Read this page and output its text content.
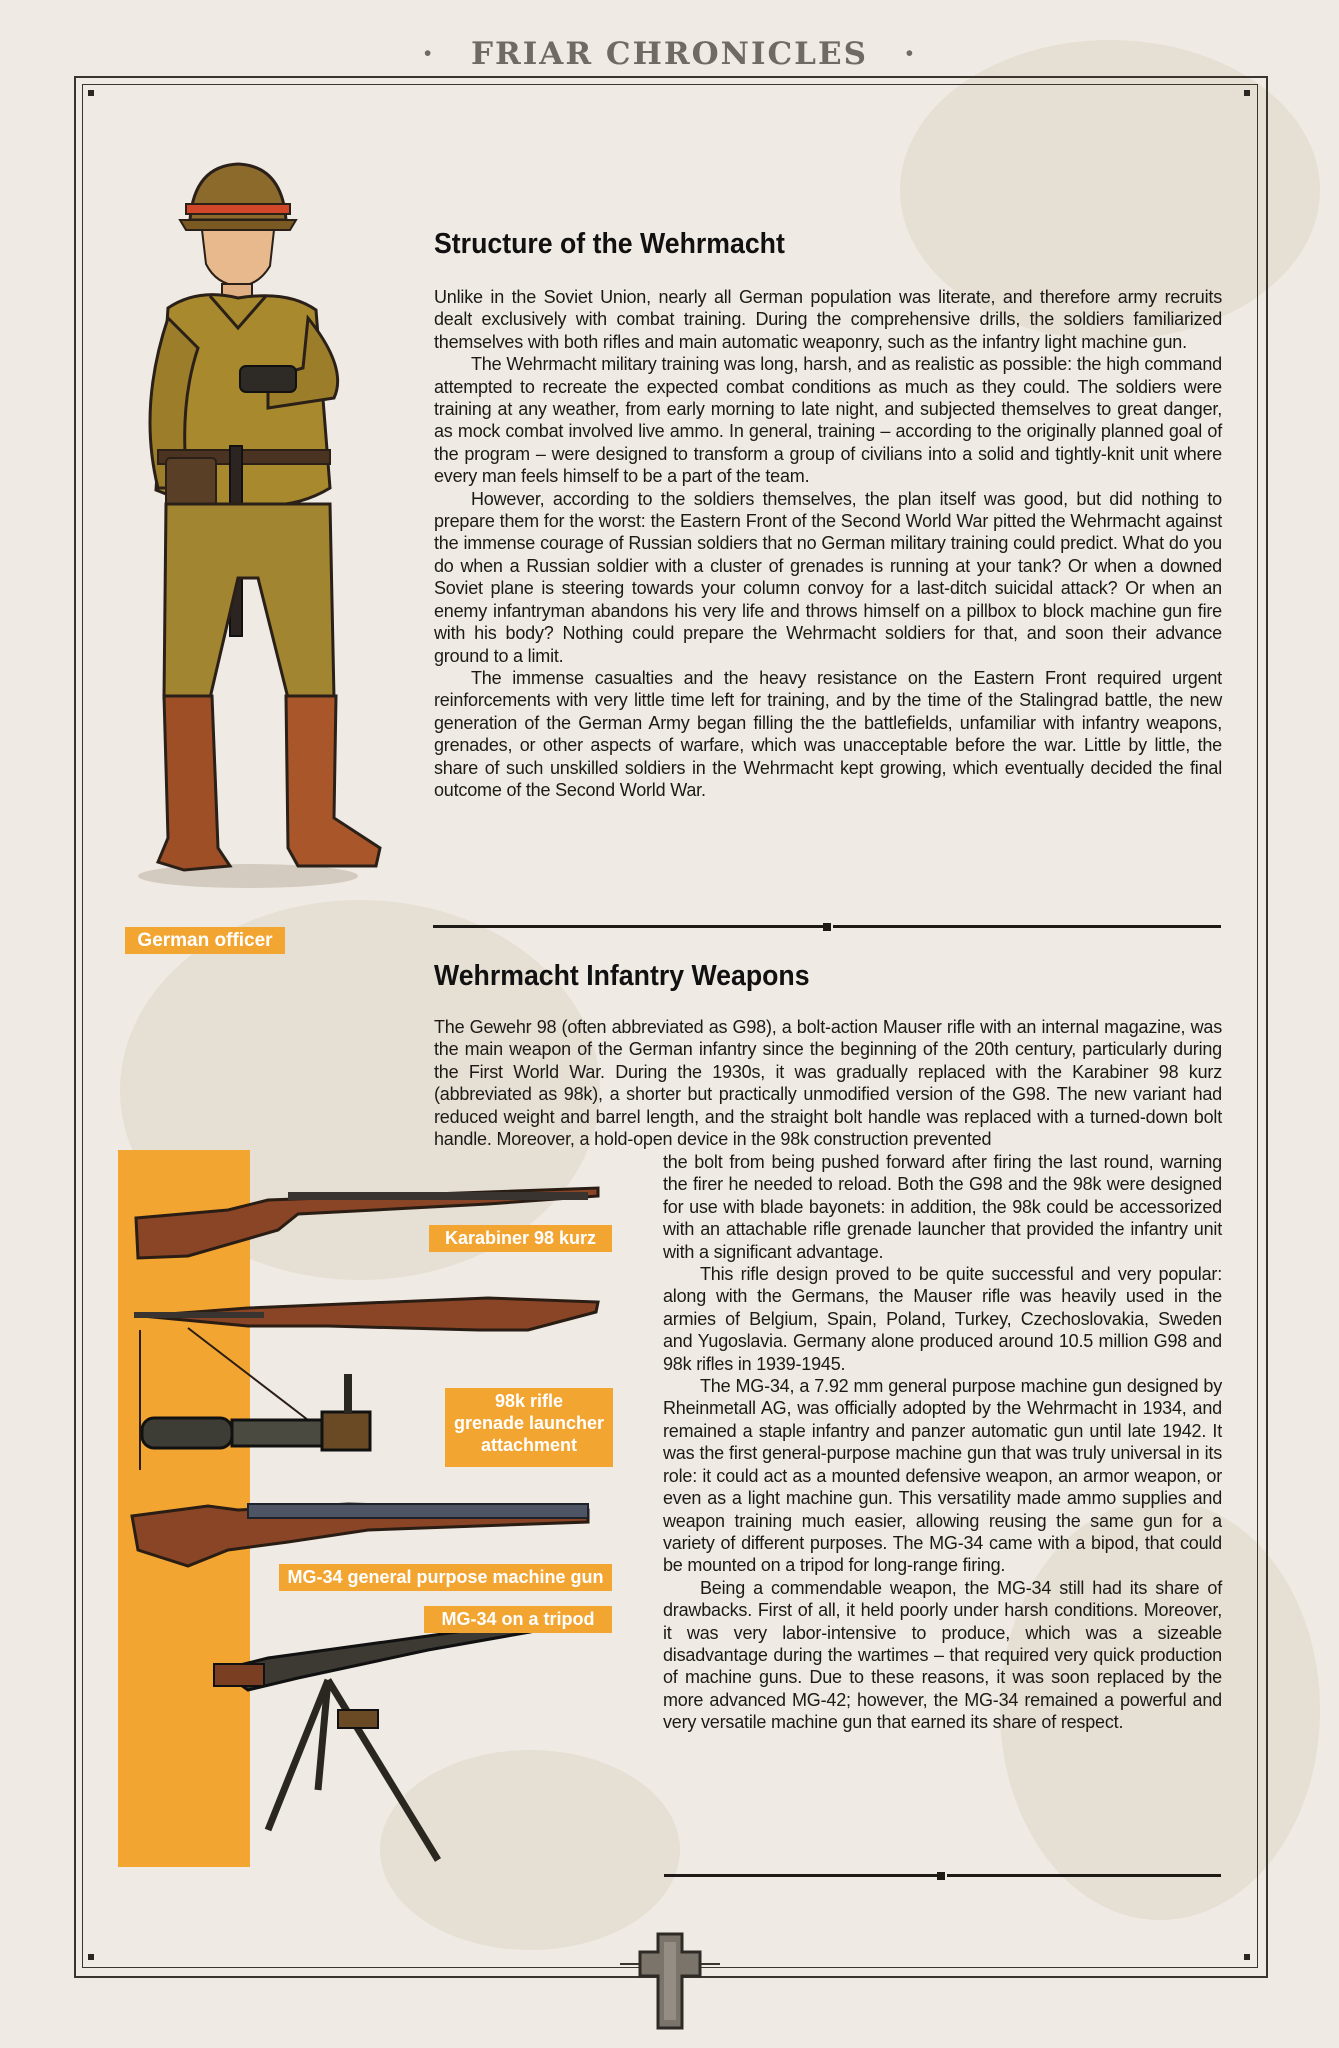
· FRIAR CHRONICLES ·
German officer
Structure of the Wehrmacht

Unlike in the Soviet Union, nearly all German population was literate, and therefore army recruits dealt exclusively with combat training. During the comprehensive drills, the soldiers familiarized themselves with both rifles and main automatic weaponry, such as the infantry light machine gun.

The Wehrmacht military training was long, harsh, and as realistic as possible: the high command attempted to recreate the expected combat conditions as much as they could. The soldiers were training at any weather, from early morning to late night, and subjected themselves to great danger, as mock combat involved live ammo. In general, training – according to the originally planned goal of the program – were designed to transform a group of civilians into a solid and tightly-knit unit where every man feels himself to be a part of the team.

However, according to the soldiers themselves, the plan itself was good, but did nothing to prepare them for the worst: the Eastern Front of the Second World War pitted the Wehrmacht against the immense courage of Russian soldiers that no German military training could predict. What do you do when a Russian soldier with a cluster of grenades is running at your tank? Or when a downed Soviet plane is steering towards your column convoy for a last-ditch suicidal attack? Or when an enemy infantryman abandons his very life and throws himself on a pillbox to block machine gun fire with his body? Nothing could prepare the Wehrmacht soldiers for that, and soon their advance ground to a limit.

The immense casualties and the heavy resistance on the Eastern Front required urgent reinforcements with very little time left for training, and by the time of the Stalingrad battle, the new generation of the German Army began filling the the battlefields, unfamiliar with infantry weapons, grenades, or other aspects of warfare, which was unacceptable before the war. Little by little, the share of such unskilled soldiers in the Wehrmacht kept growing, which eventually decided the final outcome of the Second World War.

Wehrmacht Infantry Weapons

The Gewehr 98 (often abbreviated as G98), a bolt-action Mauser rifle with an internal magazine, was the main weapon of the German infantry since the beginning of the 20th century, particularly during the First World War. During the 1930s, it was gradually replaced with the Karabiner 98 kurz (abbreviated as 98k), a shorter but practically unmodified version of the G98. The new variant had reduced weight and barrel length, and the straight bolt handle was replaced with a turned-down bolt handle. Moreover, a hold-open device in the 98k construction prevented

the bolt from being pushed forward after firing the last round, warning the firer he needed to reload. Both the G98 and the 98k were designed for use with blade bayonets: in addition, the 98k could be accessorized with an attachable rifle grenade launcher that provided the infantry unit with a significant advantage.

This rifle design proved to be quite successful and very popular: along with the Germans, the Mauser rifle was heavily used in the armies of Belgium, Spain, Poland, Turkey, Czechoslovakia, Sweden and Yugoslavia. Germany alone produced around 10.5 million G98 and 98k rifles in 1939-1945.

The MG-34, a 7.92 mm general purpose machine gun designed by Rheinmetall AG, was officially adopted by the Wehrmacht in 1934, and remained a staple infantry and panzer automatic gun until late 1942. It was the first general-purpose machine gun that was truly universal in its role: it could act as a mounted defensive weapon, an armor weapon, or even as a light machine gun. This versatility made ammo supplies and weapon training much easier, allowing reusing the same gun for a variety of different purposes. The MG-34 came with a bipod, that could be mounted on a tripod for long-range firing.

Being a commendable weapon, the MG-34 still had its share of drawbacks. First of all, it held poorly under harsh conditions. Moreover, it was very labor-intensive to produce, which was a sizeable disadvantage during the wartimes – that required very quick production of machine guns. Due to these reasons, it was soon replaced by the more advanced MG-42; however, the MG-34 remained a powerful and very versatile machine gun that earned its share of respect.

Karabiner 98 kurz
98k rifle
grenade launcher
attachment
MG-34 general purpose machine gun
MG-34 on a tripod
